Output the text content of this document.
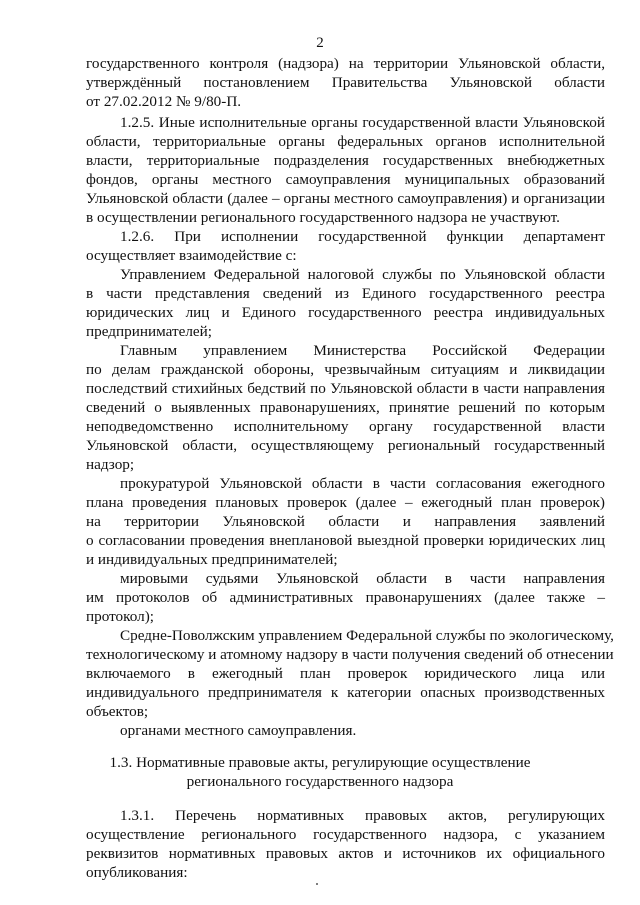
2
государственного контроля (надзора) на территории Ульяновской области,
утверждённый постановлением Правительства Ульяновской области
от 27.02.2012 № 9/80-П.
1.2.5. Иные исполнительные органы государственной власти Ульяновской
области, территориальные органы федеральных органов исполнительной
власти, территориальные подразделения государственных внебюджетных
фондов, органы местного самоуправления муниципальных образований
Ульяновской области (далее – органы местного самоуправления) и организации
в осуществлении регионального государственного надзора не участвуют.
1.2.6. При исполнении государственной функции департамент
осуществляет взаимодействие с:
Управлением Федеральной налоговой службы по Ульяновской области
в части представления сведений из Единого государственного реестра
юридических лиц и Единого государственного реестра индивидуальных
предпринимателей;
Главным управлением Министерства Российской Федерации
по делам гражданской обороны, чрезвычайным ситуациям и ликвидации
последствий стихийных бедствий по Ульяновской области в части направления
сведений о выявленных правонарушениях, принятие решений по которым
неподведомственно исполнительному органу государственной власти
Ульяновской области, осуществляющему региональный государственный
надзор;
прокуратурой Ульяновской области в части согласования ежегодного
плана проведения плановых проверок (далее – ежегодный план проверок)
на территории Ульяновской области и направления заявлений
о согласовании проведения внеплановой выездной проверки юридических лиц
и индивидуальных предпринимателей;
мировыми судьями Ульяновской области в части направления
им протоколов об административных правонарушениях (далее также –
протокол);
Средне-Поволжским управлением Федеральной службы по экологическому,
технологическому и атомному надзору в части получения сведений об отнесении
включаемого в ежегодный план проверок юридического лица или
индивидуального предпринимателя к категории опасных производственных
объектов;
органами местного самоуправления.
1.3. Нормативные правовые акты, регулирующие осуществление
регионального государственного надзора
1.3.1. Перечень нормативных правовых актов, регулирующих
осуществление регионального государственного надзора, с указанием
реквизитов нормативных правовых актов и источников их официального
опубликования:
